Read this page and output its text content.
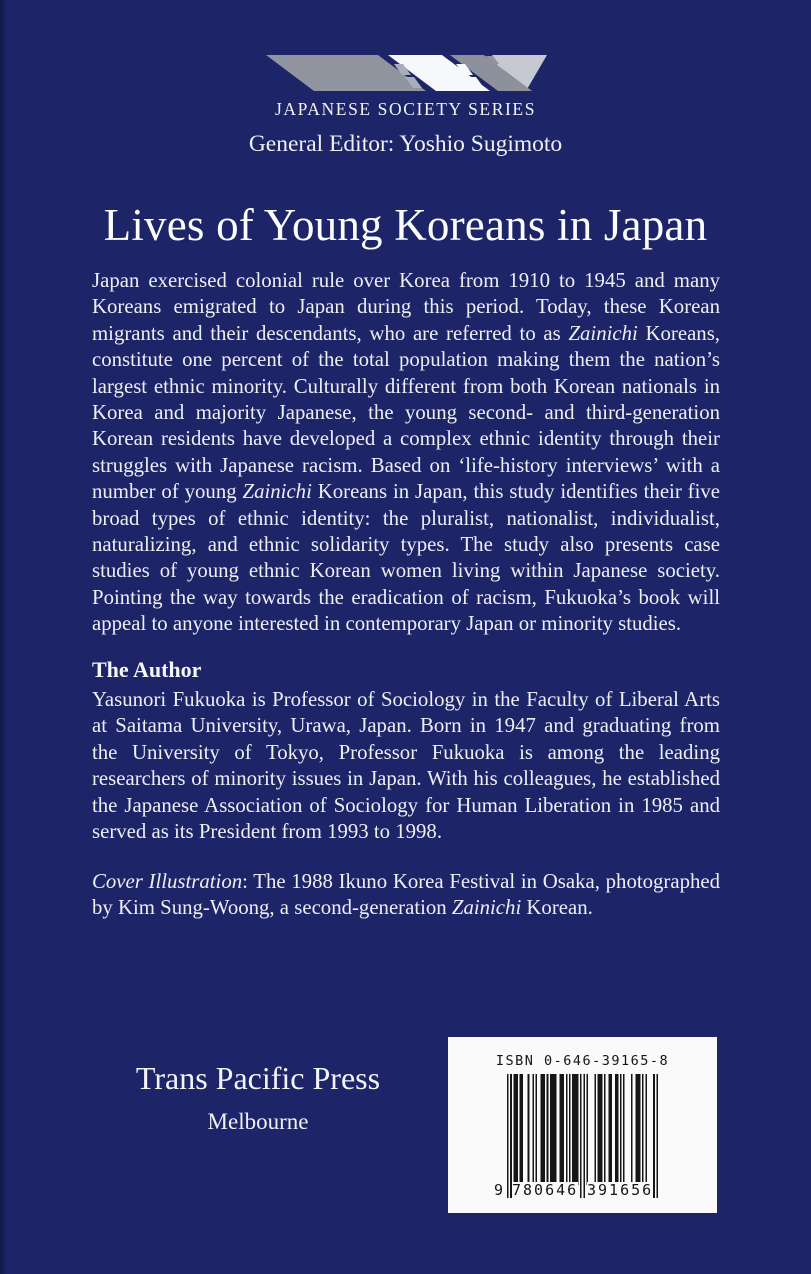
JAPANESE SOCIETY SERIES
General Editor: Yoshio Sugimoto
Lives of Young Koreans in Japan
Japan exercised colonial rule over Korea from 1910 to 1945 and many Koreans emigrated to Japan during this period. Today, these Korean migrants and their descendants, who are referred to as Zainichi Koreans, constitute one percent of the total population making them the nation’s largest ethnic minority. Culturally different from both Korean nationals in Korea and majority Japanese, the young second- and third-generation Korean residents have developed a complex ethnic identity through their struggles with Japanese racism. Based on ‘life-history interviews’ with a number of young Zainichi Koreans in Japan, this study identifies their five broad types of ethnic identity: the pluralist, nationalist, individualist, naturalizing, and ethnic solidarity types. The study also presents case studies of young ethnic Korean women living within Japanese society. Pointing the way towards the eradication of racism, Fukuoka’s book will appeal to anyone interested in contemporary Japan or minority studies.
The Author
Yasunori Fukuoka is Professor of Sociology in the Faculty of Liberal Arts at Saitama University, Urawa, Japan. Born in 1947 and graduating from the University of Tokyo, Professor Fukuoka is among the leading researchers of minority issues in Japan. With his colleagues, he established the Japanese Association of Sociology for Human Liberation in 1985 and served as its President from 1993 to 1998.
Cover Illustration: The 1988 Ikuno Korea Festival in Osaka, photographed by Kim Sung-Woong, a second-generation Zainichi Korean.
Trans Pacific Press
Melbourne
ISBN 0-646-39165-8
9 780646 391656
